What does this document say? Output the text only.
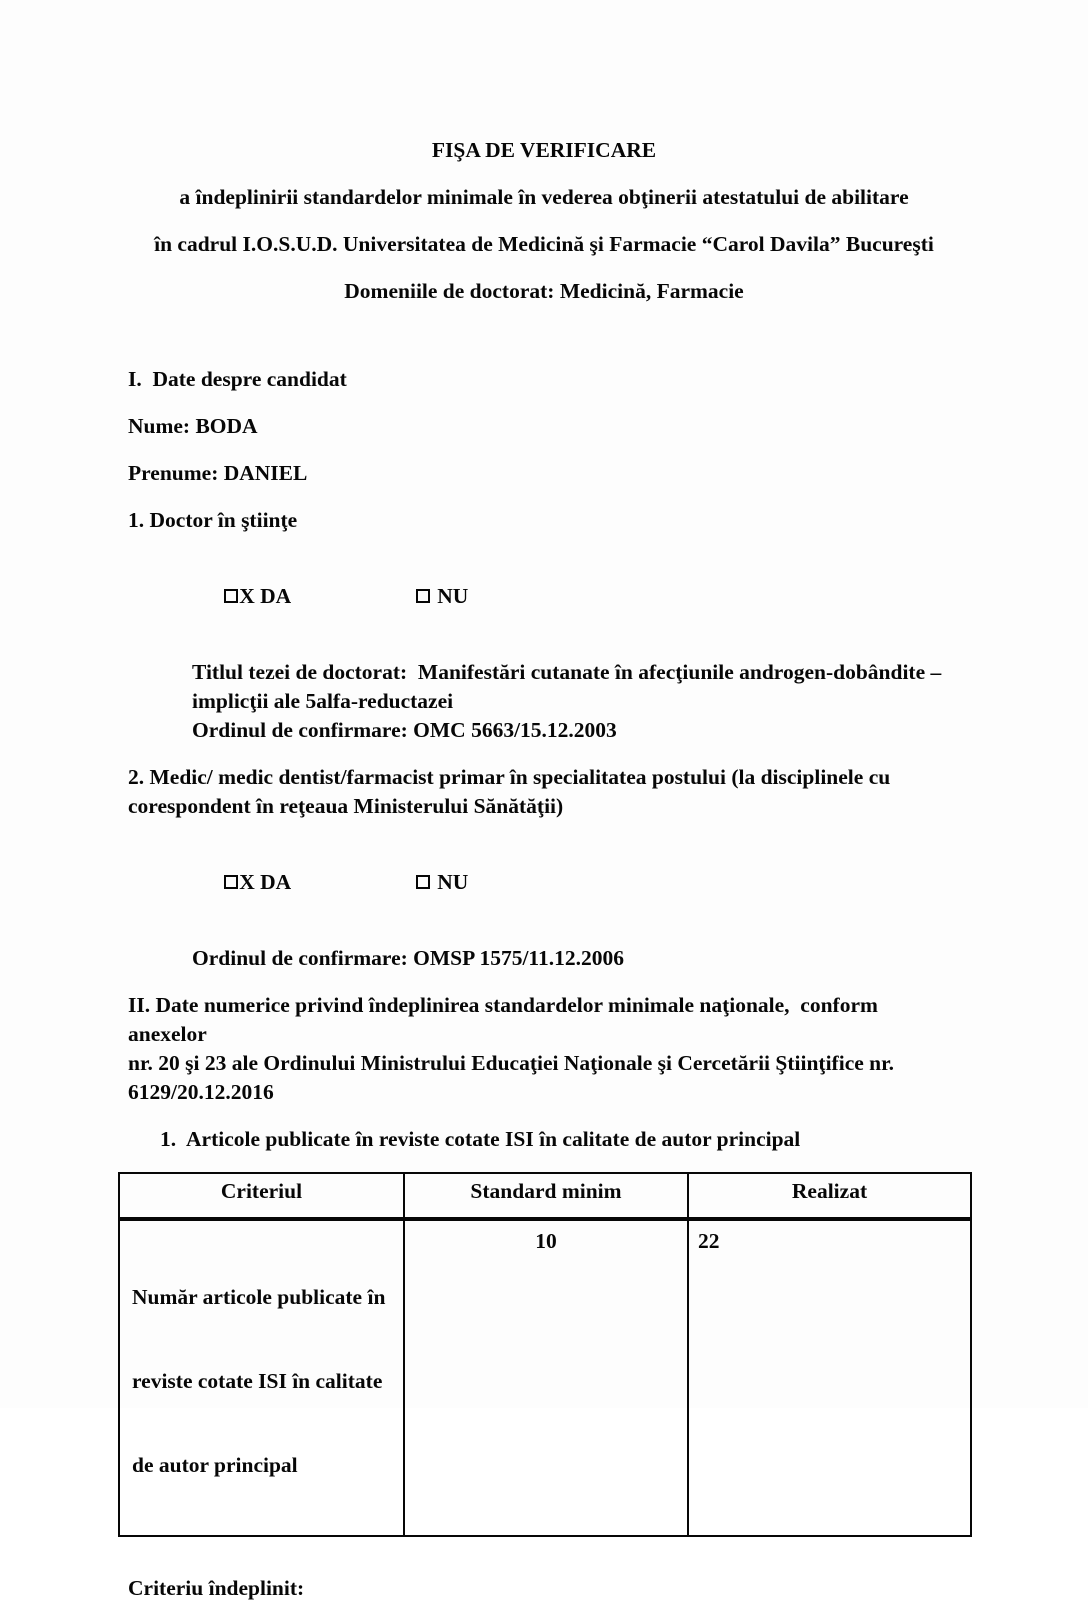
FIŞA DE VERIFICARE

a îndeplinirii standardelor minimale în vederea obţinerii atestatului de abilitare

în cadrul I.O.S.U.D. Universitatea de Medicină şi Farmacie “Carol Davila” Bucureşti

Domeniile de doctorat: Medicină, Farmacie

I.  Date despre candidat

Nume: BODA

Prenume: DANIEL

1. Doctor în ştiinţe

X DA	NU

Titlul tezei de doctorat:  Manifestări cutanate în afecţiunile androgen-dobândite –
implicţii ale 5alfa-reductazei
Ordinul de confirmare: OMC 5663/15.12.2003
2. Medic/ medic dentist/farmacist primar în specialitatea postului (la disciplinele cu
corespondent în reţeaua Ministerului Sănătăţii)

X DA	NU

Ordinul de confirmare: OMSP 1575/11.12.2006

II. Date numerice privind îndeplinirea standardelor minimale naţionale,  conform anexelor
nr. 20 şi 23 ale Ordinului Ministrului Educaţiei Naţionale şi Cercetării Ştiinţifice nr.
6129/20.12.2016

1. Articole publicate în reviste cotate ISI în calitate de autor principal

Criteriul	Standard minim	Realizat

Număr articole publicate în

reviste cotate ISI în calitate

de autor principal	10	22

Criteriu îndeplinit:
